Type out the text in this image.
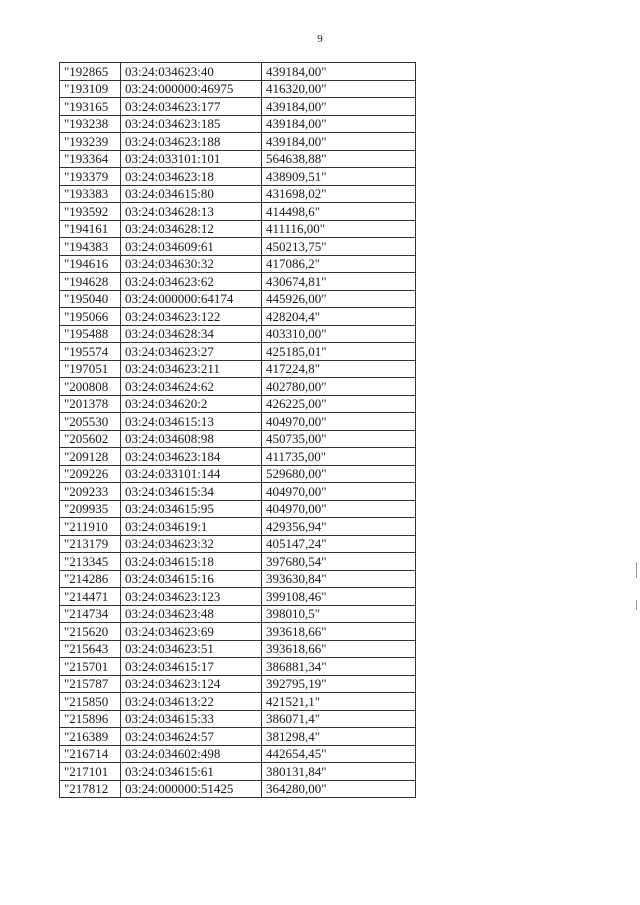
9
"192865	03:24:034623:40	439184,00"
"193109	03:24:000000:46975	416320,00"
"193165	03:24:034623:177	439184,00"
"193238	03:24:034623:185	439184,00"
"193239	03:24:034623:188	439184,00"
"193364	03:24:033101:101	564638,88"
"193379	03:24:034623:18	438909,51"
"193383	03:24:034615:80	431698,02"
"193592	03:24:034628:13	414498,6"
"194161	03:24:034628:12	411116,00"
"194383	03:24:034609:61	450213,75"
"194616	03:24:034630:32	417086,2"
"194628	03:24:034623:62	430674,81"
"195040	03:24:000000:64174	445926,00"
"195066	03:24:034623:122	428204,4"
"195488	03:24:034628:34	403310,00"
"195574	03:24:034623:27	425185,01"
"197051	03:24:034623:211	417224,8"
"200808	03:24:034624:62	402780,00"
"201378	03:24:034620:2	426225,00"
"205530	03:24:034615:13	404970,00"
"205602	03:24:034608:98	450735,00"
"209128	03:24:034623:184	411735,00"
"209226	03:24:033101:144	529680,00"
"209233	03:24:034615:34	404970,00"
"209935	03:24:034615:95	404970,00"
"211910	03:24:034619:1	429356,94"
"213179	03:24:034623:32	405147,24"
"213345	03:24:034615:18	397680,54"
"214286	03:24:034615:16	393630,84"
"214471	03:24:034623:123	399108,46"
"214734	03:24:034623:48	398010,5"
"215620	03:24:034623:69	393618,66"
"215643	03:24:034623:51	393618,66"
"215701	03:24:034615:17	386881,34"
"215787	03:24:034623:124	392795,19"
"215850	03:24:034613:22	421521,1"
"215896	03:24:034615:33	386071,4"
"216389	03:24:034624:57	381298,4"
"216714	03:24:034602:498	442654,45"
"217101	03:24:034615:61	380131,84"
"217812	03:24:000000:51425	364280,00"
